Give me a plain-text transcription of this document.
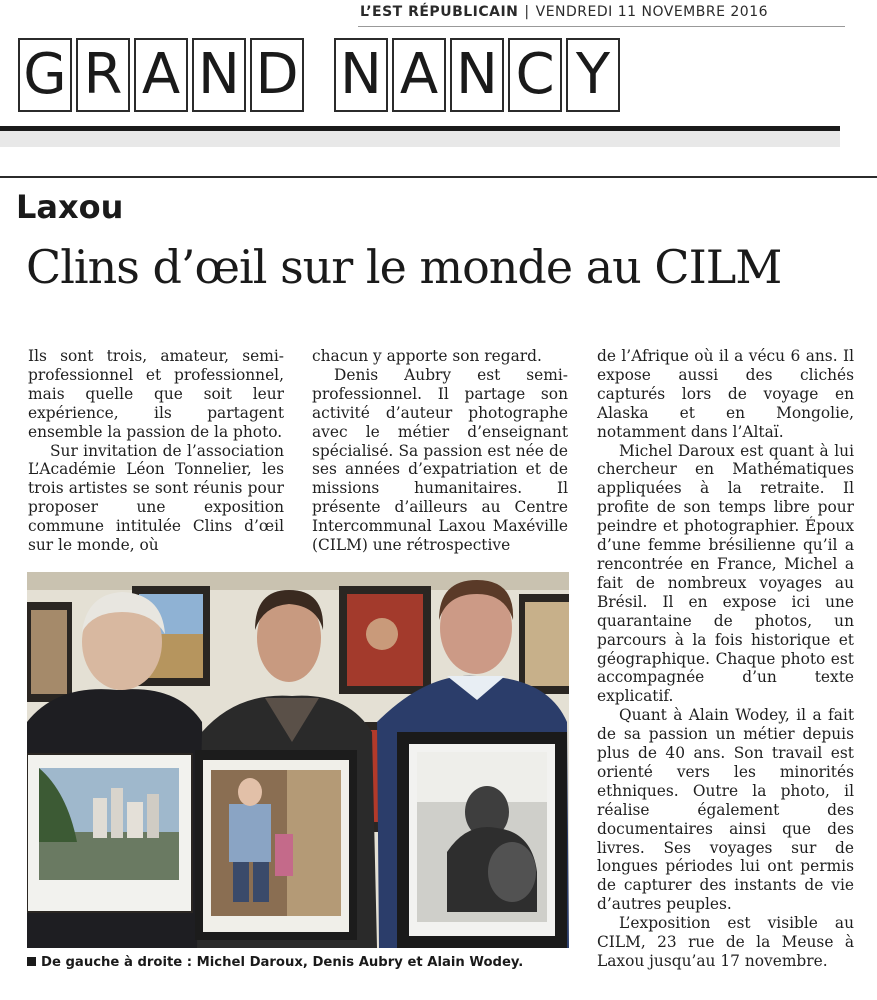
L’EST RÉPUBLICAIN | VENDREDI 11 NOVEMBRE 2016
G R A N D N A N C Y
Laxou
Clins d’œil sur le monde au CILM

Ils sont trois, amateur, semi-professionnel et professionnel, mais quelle que soit leur expérience, ils partagent ensemble la passion de la photo.

Sur invitation de l’association L’Académie Léon Tonnelier, les trois artistes se sont réunis pour proposer une exposition commune intitulée Clins d’œil sur le monde, où

chacun y apporte son regard.

Denis Aubry est semi-professionnel. Il partage son activité d’auteur photographe avec le métier d’enseignant spécialisé. Sa passion est née de ses années d’expatriation et de missions humanitaires. Il présente d’ailleurs au Centre Intercommunal Laxou Maxéville (CILM) une rétrospective

de l’Afrique où il a vécu 6 ans. Il expose aussi des clichés capturés lors de voyage en Alaska et en Mongolie, notamment dans l’Altaï.

Michel Daroux est quant à lui chercheur en Mathématiques appliquées à la retraite. Il profite de son temps libre pour peindre et photographier. Époux d’une femme brésilienne qu’il a rencontrée en France, Michel a fait de nombreux voyages au Brésil. Il en expose ici une quarantaine de photos, un parcours à la fois historique et géographique. Chaque photo est accompagnée d’un texte explicatif.

Quant à Alain Wodey, il a fait de sa passion un métier depuis plus de 40 ans. Son travail est orienté vers les minorités ethniques. Outre la photo, il réalise également des documentaires ainsi que des livres. Ses voyages sur de longues périodes lui ont permis de capturer des instants de vie d’autres peuples.

L’exposition est visible au CILM, 23 rue de la Meuse à Laxou jusqu’au 17 novembre.

De gauche à droite : Michel Daroux, Denis Aubry et Alain Wodey.
